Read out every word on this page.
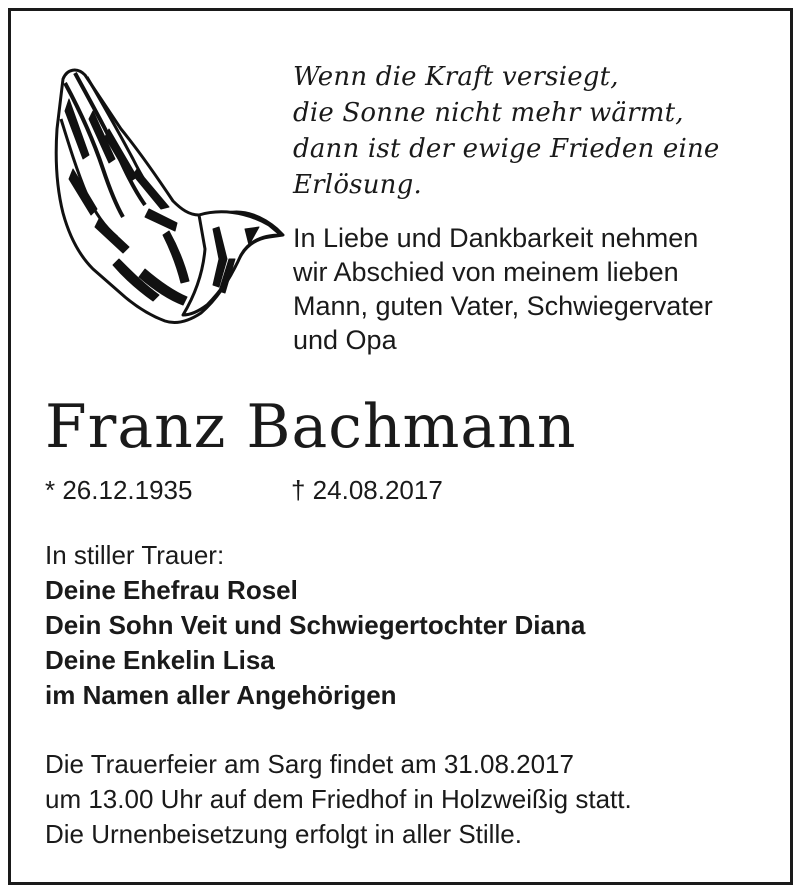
Wenn die Kraft versiegt,
die Sonne nicht mehr wärmt,
dann ist der ewige Frieden eine
Erlösung.
In Liebe und Dankbarkeit nehmen
wir Abschied von meinem lieben
Mann, guten Vater, Schwiegervater
und Opa
Franz Bachmann
* 26.12.1935	† 24.08.2017
In stiller Trauer:
Deine Ehefrau Rosel
Dein Sohn Veit und Schwiegertochter Diana
Deine Enkelin Lisa
im Namen aller Angehörigen
Die Trauerfeier am Sarg findet am 31.08.2017
um 13.00 Uhr auf dem Friedhof in Holzweißig statt.
Die Urnenbeisetzung erfolgt in aller Stille.
